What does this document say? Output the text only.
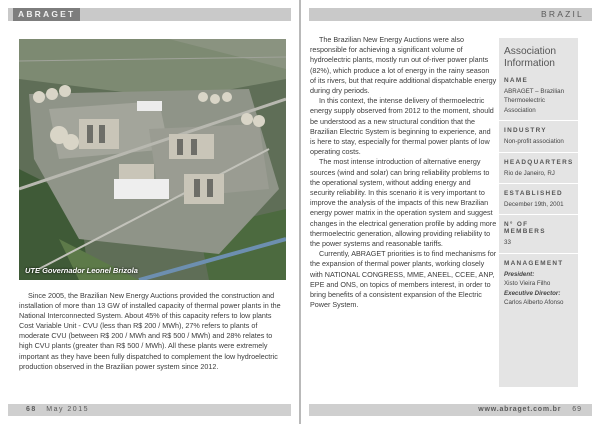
ABRAGET
UTE Governador Leonel Brizola

Since 2005, the Brazilian New Energy Auctions provided the construction and installation of more than 13 GW of installed capacity of thermal power plants in the National Interconnected System. About 45% of this capacity refers to low plants Cost Variable Unit - CVU (less than R$ 200 / MWh), 27% refers to plants of moderate CVU (between R$ 200 / MWh and R$ 500 / MWh) and 28% relates to high CVU plants (greater than R$ 500 / MWh). All these plants were extremely important as they have been fully dispatched to complement the low hydroelectric production observed in the Brazilian power system since 2012.

68 May 2015
BRAZIL

The Brazilian New Energy Auctions were also responsible for achieving a significant volume of hydroelectric plants, mostly run out of-river power plants (82%), which produce a lot of energy in the rainy season of its rivers, but that require additional dispatchable energy during dry periods.

In this context, the intense delivery of thermoelectric energy supply observed from 2012 to the moment, should be understood as a new structural condition that the Brazilian Electric System is beginning to experience, and is here to stay, especially for thermal power plants of low operating costs.

The most intense introduction of alternative energy sources (wind and solar) can bring reliability problems to the operational system, without adding energy and security reliability. In this scenario it is very important to improve the analysis of the impacts of this new Brazilian energy power matrix in the operation system and suggest changes in the electrical generation profile by adding more thermoelectric generation, allowing providing reliability to the power systems and reasonable tariffs.

Currently, ABRAGET priorities is to find mechanisms for the expansion of thermal power plants, working closely with NATIONAL CONGRESS, MME, ANEEL, CCEE, ANP, EPE and ONS, on topics of members interest, in order to bring benefits of a consistent expansion of the Electric Power System.

Association Information
NAME
ABRAGET – Brazilian Thermoelectric Association
INDUSTRY
Non-profit association
HEADQUARTERS
Rio de Janeiro, RJ
ESTABLISHED
December 19th, 2001
N° OF MEMBERS
33
MANAGEMENT
President:
Xisto Vieira Filho
Executive Director:
Carlos Alberto Afonso
www.abraget.com.br 69
